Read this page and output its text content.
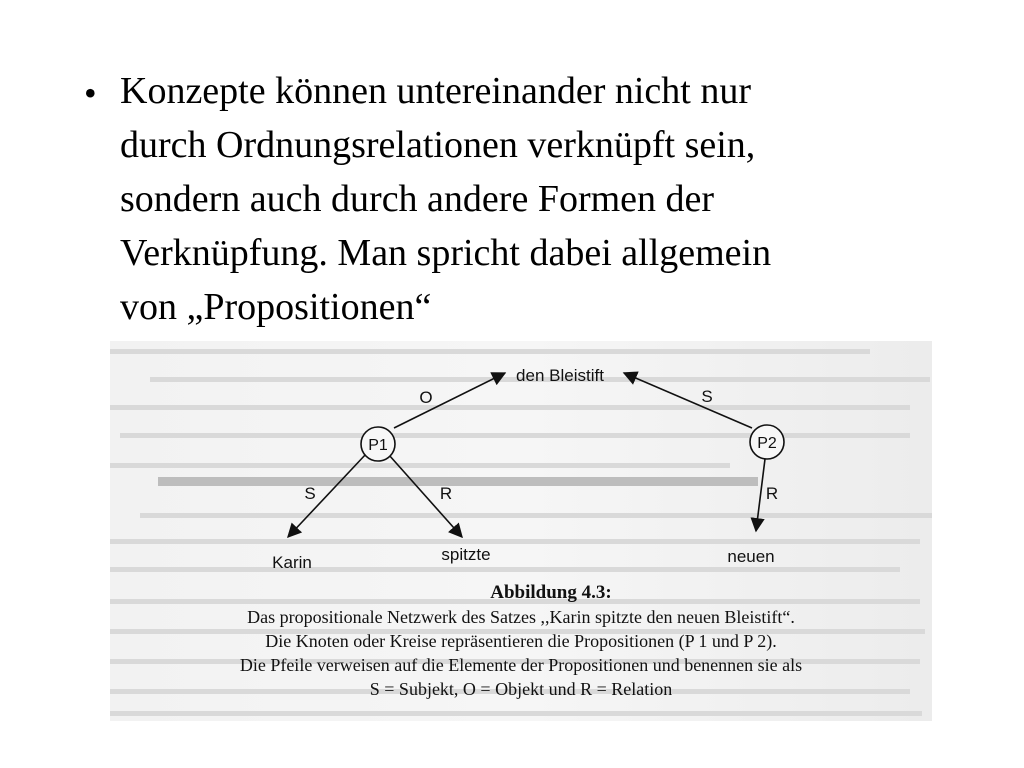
• Konzepte können untereinander nicht nur
durch Ordnungsrelationen verknüpft sein,
sondern auch durch andere Formen der
Verknüpfung. Man spricht dabei allgemein
von „Propositionen“
P1	P2
den Bleistift
Karin	spitzte	neuen
O
S	R
S
R
Abbildung 4.3:
Das propositionale Netzwerk des Satzes ,,Karin spitzte den neuen Bleistift“.
Die Knoten oder Kreise repräsentieren die Propositionen (P 1 und P 2).
Die Pfeile verweisen auf die Elemente der Propositionen und benennen sie als
S = Subjekt, O = Objekt und R = Relation
